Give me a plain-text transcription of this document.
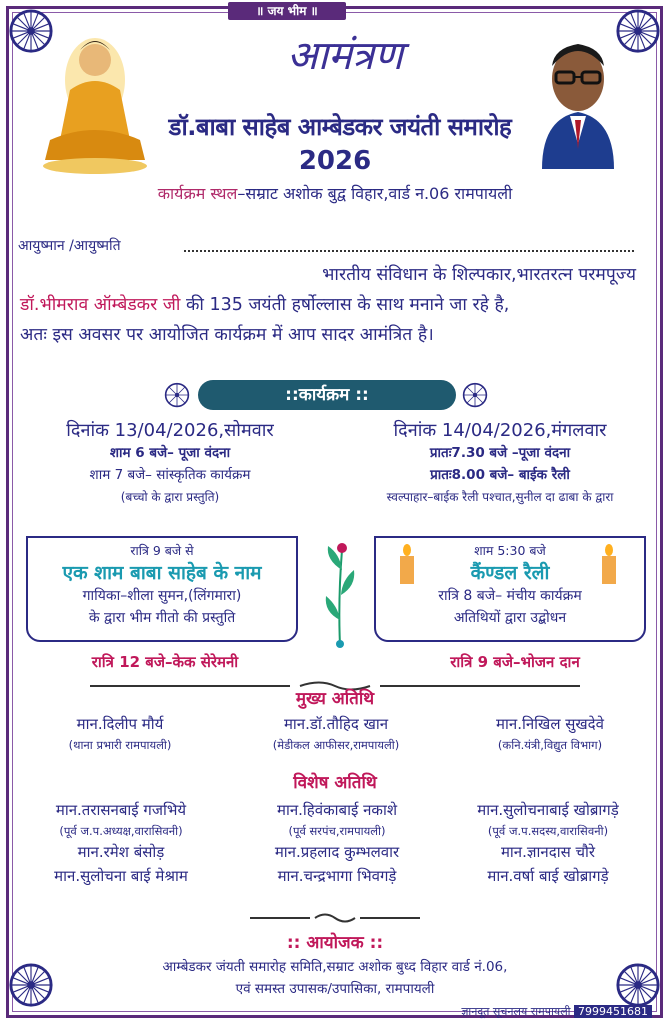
॥ जय भीम ॥
आमंत्रण
डॉ.बाबा साहेब आम्बेडकर जयंती समारोह
2026
कार्यक्रम स्थल–सम्राट अशोक बुद्व विहार,वार्ड न.06 रामपायली
आयुष्मान /आयुष्मति
भारतीय संविधान के शिल्पकार,भारतरत्न परमपूज्य
डॉ.भीमराव ऑम्बेडकर जी की 135 जयंती हर्षोल्लास के साथ मनाने जा रहे है,
अतः इस अवसर पर आयोजित कार्यक्रम में आप सादर आमंत्रित है।
::कार्यक्रम ::
दिनांक 13/04/2026,सोमवार
शाम 6 बजे– पूजा वंदना
शाम 7 बजे– सांस्कृतिक कार्यक्रम
(बच्चो के द्वारा प्रस्तुति)
दिनांक 14/04/2026,मंगलवार
प्रातः7.30 बजे –पूजा वंदना
प्रातः8.00 बजे– बाईक रैली
स्वल्पाहार–बाईक रैली पश्चात,सुनील दा ढाबा के द्वारा
रात्रि 9 बजे से
एक शाम बाबा साहेब के नाम
गायिका–शीला सुमन,(लिंगमारा)
के द्वारा भीम गीतो की प्रस्तुति
शाम 5:30 बजे
कैंण्डल रैली
रात्रि 8 बजे– मंचीय कार्यक्रम
अतिथियों द्वारा उद्बोधन
रात्रि 12 बजे–केक सेरेमनी	रात्रि 9 बजे–भोजन दान
मुख्य अतिथि
मान.दिलीप मौर्य
(थाना प्रभारी रामपायली)
मान.डॉ.तौहिद खान
(मेडीकल आफीसर,रामपायली)
मान.निखिल सुखदेवे
(कनि.यंत्री,विद्युत विभाग)
विशेष अतिथि
मान.तरासनबाई गजभिये
(पूर्व ज.प.अध्यक्ष,वारासिवनी)
मान.रमेश बंसोड़
मान.सुलोचना बाई मेश्राम
मान.हिवंकाबाई नकाशे
(पूर्व सरपंच,रामपायली)
मान.प्रहलाद कुम्भलवार
मान.चन्द्रभागा भिवगड़े
मान.सुलोचनाबाई खोब्रागड़े
(पूर्व ज.प.सदस्य,वारासिवनी)
मान.ज्ञानदास चौरे
मान.वर्षा बाई खोब्रागड़े
:: आयोजक ::
आम्बेडकर जंयती समारोह समिति,सम्राट अशोक बुध्द विहार वार्ड नं.06,
एवं समस्त उपासक/उपासिका, रामपायली
ज्ञानदूत सूचनलय रामपायली 7999451681
